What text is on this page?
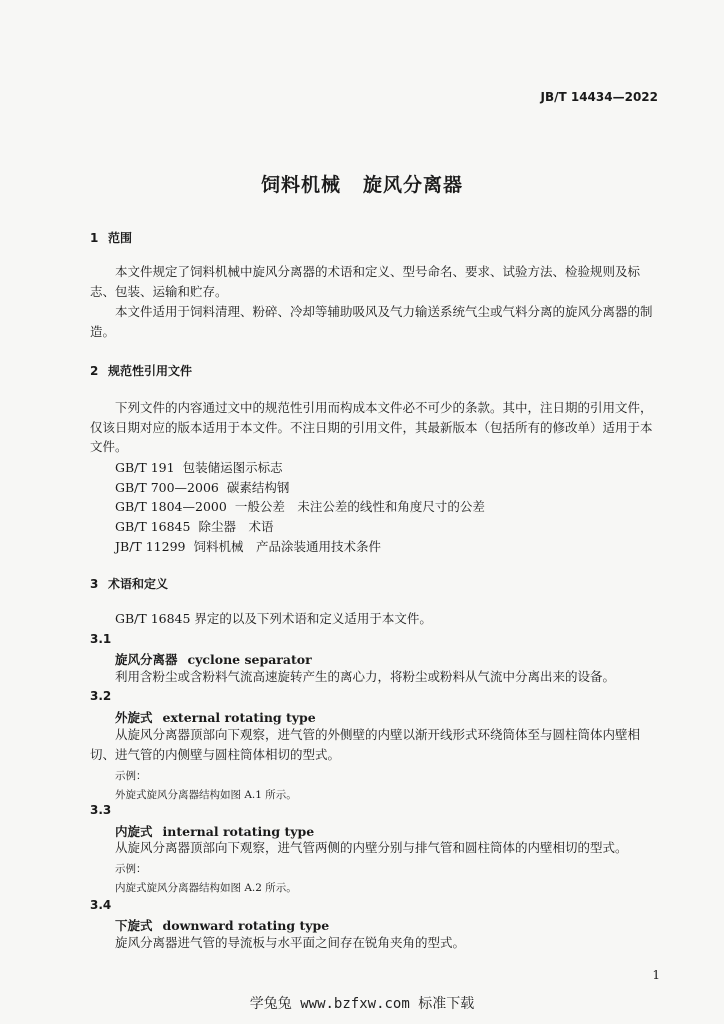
JB/T 14434—2022
饲料机械 旋风分离器
1 范围
本文件规定了饲料机械中旋风分离器的术语和定义、型号命名、要求、试验方法、检验规则及标志、包装、运输和贮存。
本文件适用于饲料清理、粉碎、冷却等辅助吸风及气力输送系统气尘或气料分离的旋风分离器的制造。
2 规范性引用文件
下列文件的内容通过文中的规范性引用而构成本文件必不可少的条款。其中，注日期的引用文件，仅该日期对应的版本适用于本文件。不注日期的引用文件，其最新版本（包括所有的修改单）适用于本文件。
GB/T 191 包装储运图示标志
GB/T 700—2006 碳素结构钢
GB/T 1804—2000 一般公差　未注公差的线性和角度尺寸的公差
GB/T 16845 除尘器　术语
JB/T 11299 饲料机械　产品涂装通用技术条件
3 术语和定义
GB/T 16845 界定的以及下列术语和定义适用于本文件。
3.1
旋风分离器 cyclone separator
利用含粉尘或含粉料气流高速旋转产生的离心力，将粉尘或粉料从气流中分离出来的设备。
3.2
外旋式 external rotating type
从旋风分离器顶部向下观察，进气管的外侧壁的内壁以渐开线形式环绕筒体至与圆柱筒体内壁相切、进气管的内侧壁与圆柱筒体相切的型式。
示例：
外旋式旋风分离器结构如图 A.1 所示。
3.3
内旋式 internal rotating type
从旋风分离器顶部向下观察，进气管两侧的内壁分别与排气管和圆柱筒体的内壁相切的型式。
示例：
内旋式旋风分离器结构如图 A.2 所示。
3.4
下旋式 downward rotating type
旋风分离器进气管的导流板与水平面之间存在锐角夹角的型式。
1
学兔兔 www.bzfxw.com 标准下载
